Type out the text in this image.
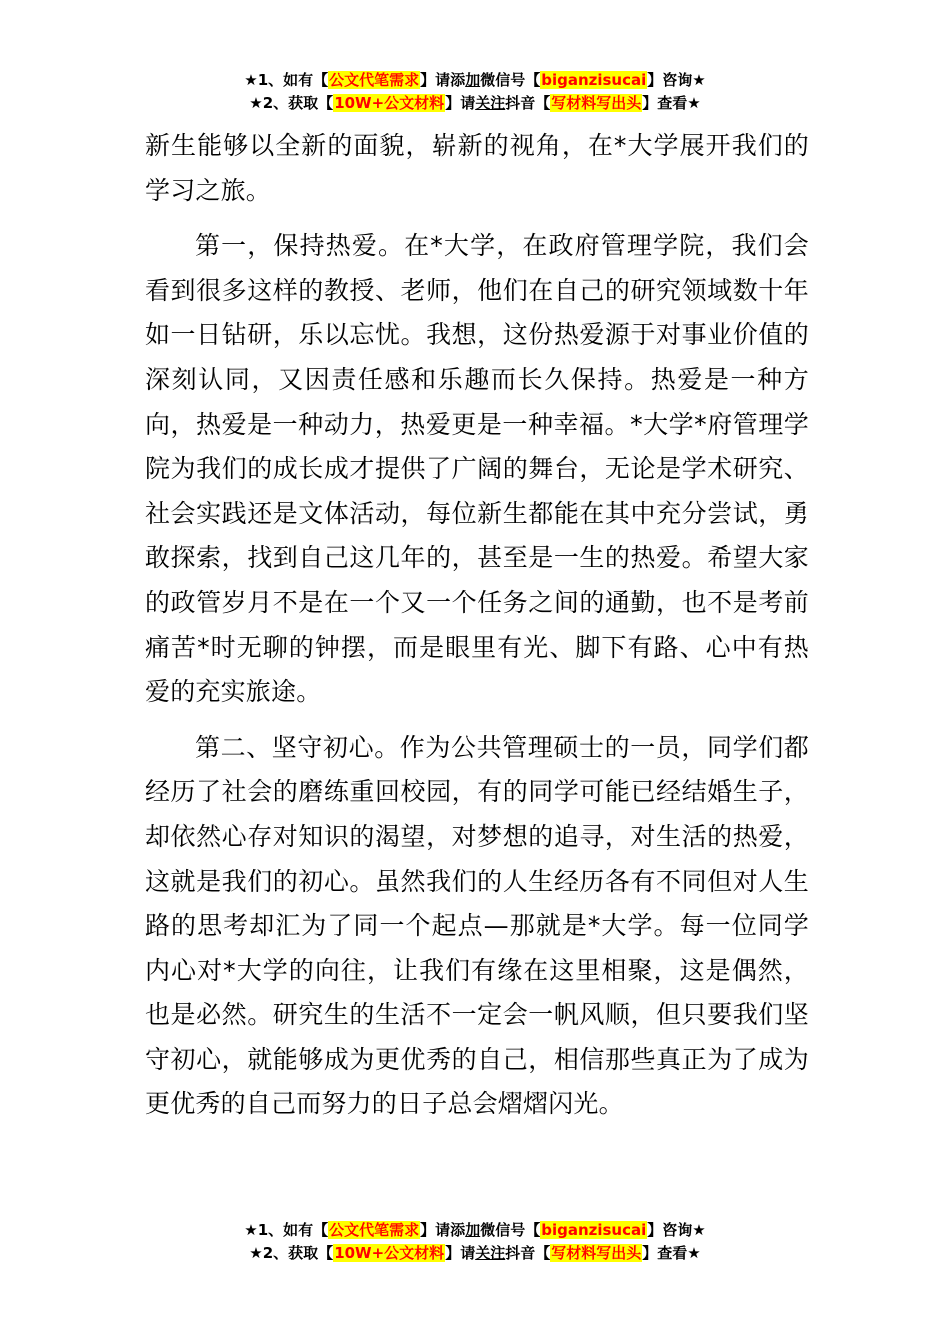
★1、如有【公文代笔需求】请添加微信号【biganzisucai】咨询★
★2、获取【10W+公文材料】请关注抖音【写材料写出头】查看★

新生能够以全新的面貌，崭新的视角，在*大学展开我们的学习之旅。

第一，保持热爱。在*大学，在政府管理学院，我们会看到很多这样的教授、老师，他们在自己的研究领域数十年如一日钻研，乐以忘忧。我想，这份热爱源于对事业价值的深刻认同，又因责任感和乐趣而长久保持。热爱是一种方向，热爱是一种动力，热爱更是一种幸福。*大学*府管理学院为我们的成长成才提供了广阔的舞台，无论是学术研究、社会实践还是文体活动，每位新生都能在其中充分尝试，勇敢探索，找到自己这几年的，甚至是一生的热爱。希望大家的政管岁月不是在一个又一个任务之间的通勤，也不是考前痛苦*时无聊的钟摆，而是眼里有光、脚下有路、心中有热爱的充实旅途。

第二、坚守初心。作为公共管理硕士的一员，同学们都经历了社会的磨练重回校园，有的同学可能已经结婚生子，却依然心存对知识的渴望，对梦想的追寻，对生活的热爱，这就是我们的初心。虽然我们的人生经历各有不同但对人生路的思考却汇为了同一个起点—那就是*大学。每一位同学内心对*大学的向往，让我们有缘在这里相聚，这是偶然，也是必然。研究生的生活不一定会一帆风顺，但只要我们坚守初心，就能够成为更优秀的自己，相信那些真正为了成为更优秀的自己而努力的日子总会熠熠闪光。

★1、如有【公文代笔需求】请添加微信号【biganzisucai】咨询★
★2、获取【10W+公文材料】请关注抖音【写材料写出头】查看★
